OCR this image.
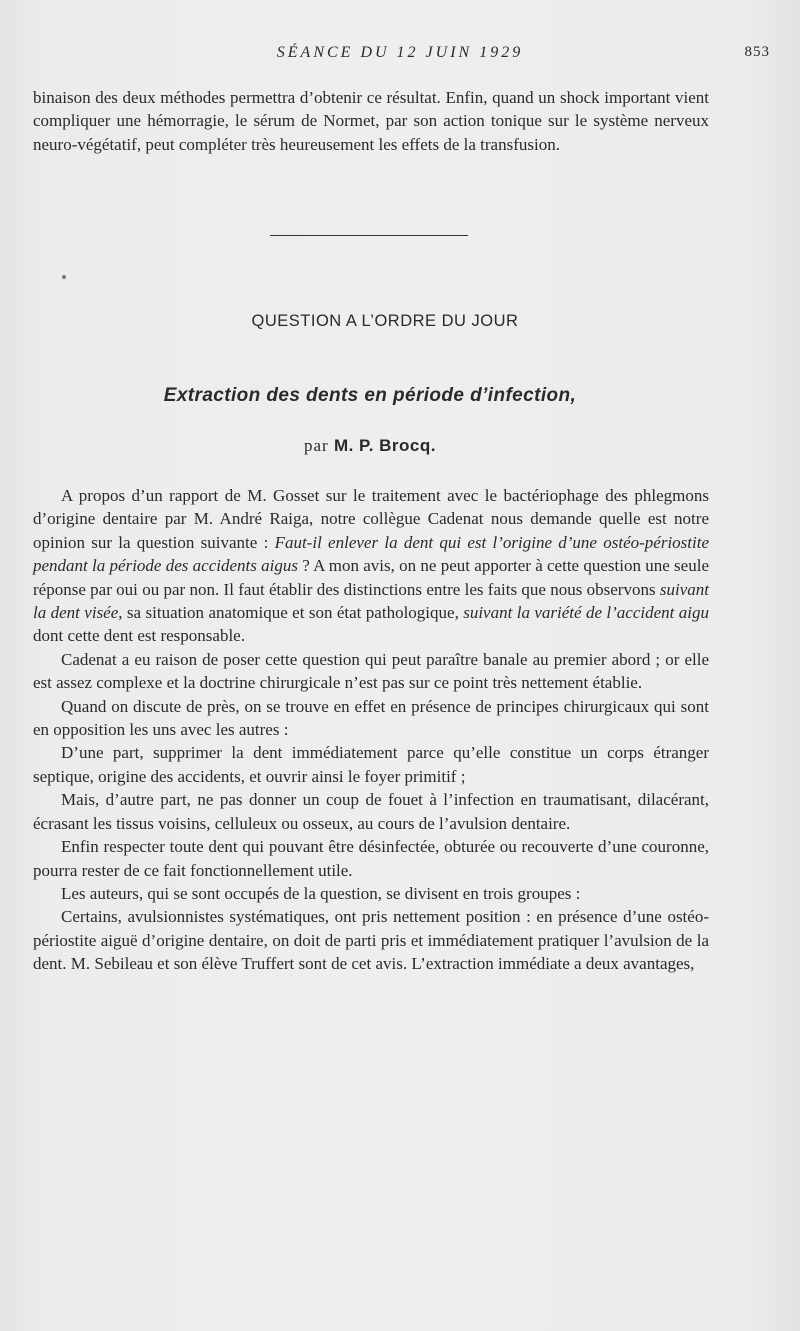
SÉANCE DU 12 JUIN 1929	853

binaison des deux méthodes permettra d’obtenir ce résultat. Enfin, quand un shock important vient compliquer une hémorragie, le sérum de Normet, par son action tonique sur le système nerveux neuro-végétatif, peut compléter très heureusement les effets de la transfusion.

QUESTION A L’ORDRE DU JOUR
Extraction des dents en période d’infection,
par M. P. Brocq.

A propos d’un rapport de M. Gosset sur le traitement avec le bactériophage des phlegmons d’origine dentaire par M. André Raiga, notre collègue Cadenat nous demande quelle est notre opinion sur la question suivante : Faut-il enlever la dent qui est l’origine d’une ostéo-périostite pendant la période des accidents aigus ? A mon avis, on ne peut apporter à cette question une seule réponse par oui ou par non. Il faut établir des distinctions entre les faits que nous observons suivant la dent visée, sa situation anatomique et son état pathologique, suivant la variété de l’accident aigu dont cette dent est responsable.

Cadenat a eu raison de poser cette question qui peut paraître banale au premier abord ; or elle est assez complexe et la doctrine chirurgicale n’est pas sur ce point très nettement établie.

Quand on discute de près, on se trouve en effet en présence de principes chirurgicaux qui sont en opposition les uns avec les autres :

D’une part, supprimer la dent immédiatement parce qu’elle constitue un corps étranger septique, origine des accidents, et ouvrir ainsi le foyer primitif ;

Mais, d’autre part, ne pas donner un coup de fouet à l’infection en traumatisant, dilacérant, écrasant les tissus voisins, celluleux ou osseux, au cours de l’avulsion dentaire.

Enfin respecter toute dent qui pouvant être désinfectée, obturée ou recouverte d’une couronne, pourra rester de ce fait fonctionnellement utile.

Les auteurs, qui se sont occupés de la question, se divisent en trois groupes :

Certains, avulsionnistes systématiques, ont pris nettement position : en présence d’une ostéo-périostite aiguë d’origine dentaire, on doit de parti pris et immédiatement pratiquer l’avulsion de la dent. M. Sebileau et son élève Truffert sont de cet avis. L’extraction immédiate a deux avantages,
